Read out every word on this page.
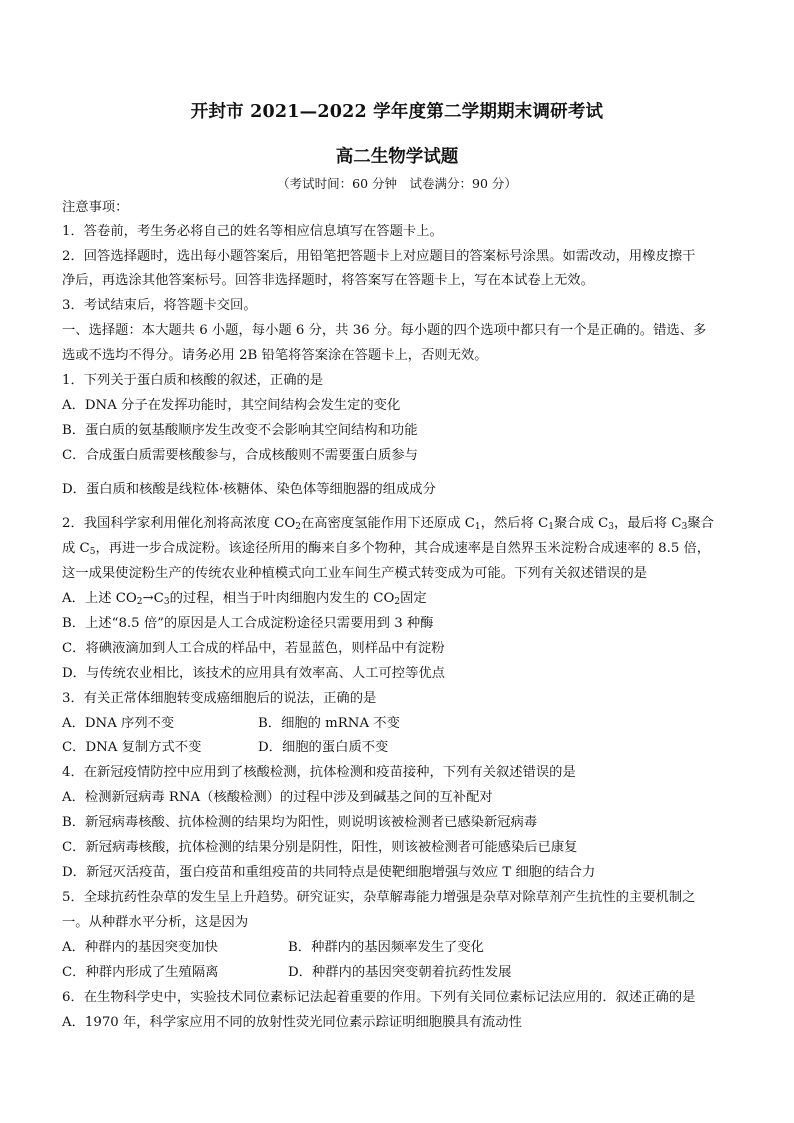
开封市 2021—2022 学年度第二学期期末调研考试
高二生物学试题
（考试时间：60 分钟　试卷满分：90 分）
注意事项：
1．答卷前，考生务必将自己的姓名等相应信息填写在答题卡上。
2．回答选择题时，选出每小题答案后，用铅笔把答题卡上对应题目的答案标号涂黑。如需改动，用橡皮擦干
净后，再选涂其他答案标号。回答非选择题时，将答案写在答题卡上，写在本试卷上无效。
3．考试结束后，将答题卡交回。
一、选择题：本大题共 6 小题，每小题 6 分，共 36 分。每小题的四个选项中都只有一个是正确的。错选、多
选或不选均不得分。请务必用 2B 铅笔将答案涂在答题卡上，否则无效。
1．下列关于蛋白质和核酸的叙述，正确的是
A．DNA 分子在发挥功能时，其空间结构会发生定的变化
B．蛋白质的氨基酸顺序发生改变不会影响其空间结构和功能
C．合成蛋白质需要核酸参与，合成核酸则不需要蛋白质参与
D．蛋白质和核酸是线粒体·核糖体、染色体等细胞器的组成成分
2．我国科学家利用催化剂将高浓度 $CO_2$在高密度氢能作用下还原成 $C_1$，然后将 $C_1$聚合成 $C_3$，最后将 $C_3$聚合
成 $C_5$，再进一步合成淀粉。该途径所用的酶来自多个物种，其合成速率是自然界玉米淀粉合成速率的 8.5 倍，
这一成果使淀粉生产的传统农业种植模式向工业车间生产模式转变成为可能。下列有关叙述错误的是
A．上述 $CO_2\to C_3$的过程，相当于叶肉细胞内发生的 $CO_2$固定
B．上述“8.5 倍”的原因是人工合成淀粉途径只需要用到 3 种酶
C．将碘液滴加到人工合成的样品中，若显蓝色，则样品中有淀粉
D．与传统农业相比，该技术的应用具有效率高、人工可控等优点
3．有关正常体细胞转变成癌细胞后的说法，正确的是
A．DNA 序列不变	B．细胞的 mRNA 不变
C．DNA 复制方式不变	D．细胞的蛋白质不变
4．在新冠疫情防控中应用到了核酸检测，抗体检测和疫苗接种，下列有关叙述错误的是
A．检测新冠病毒 RNA（核酸检测）的过程中涉及到碱基之间的互补配对
B．新冠病毒核酸、抗体检测的结果均为阳性，则说明该被检测者已感染新冠病毒
C．新冠病毒核酸，抗体检测的结果分别是阴性，阳性，则该被检测者可能感染后已康复
D．新冠灭活疫苗，蛋白疫苗和重组疫苗的共同特点是使靶细胞增强与效应 T 细胞的结合力
5．全球抗药性杂草的发生呈上升趋势。研究证实，杂草解毒能力增强是杂草对除草剂产生抗性的主要机制之
一。从种群水平分析，这是因为
A．种群内的基因突变加快	B．种群内的基因频率发生了变化
C．种群内形成了生殖隔离	D．种群内的基因突变朝着抗药性发展
6．在生物科学史中，实验技术同位素标记法起着重要的作用。下列有关同位素标记法应用的．叙述正确的是
A．1970 年，科学家应用不同的放射性荧光同位素示踪证明细胞膜具有流动性
